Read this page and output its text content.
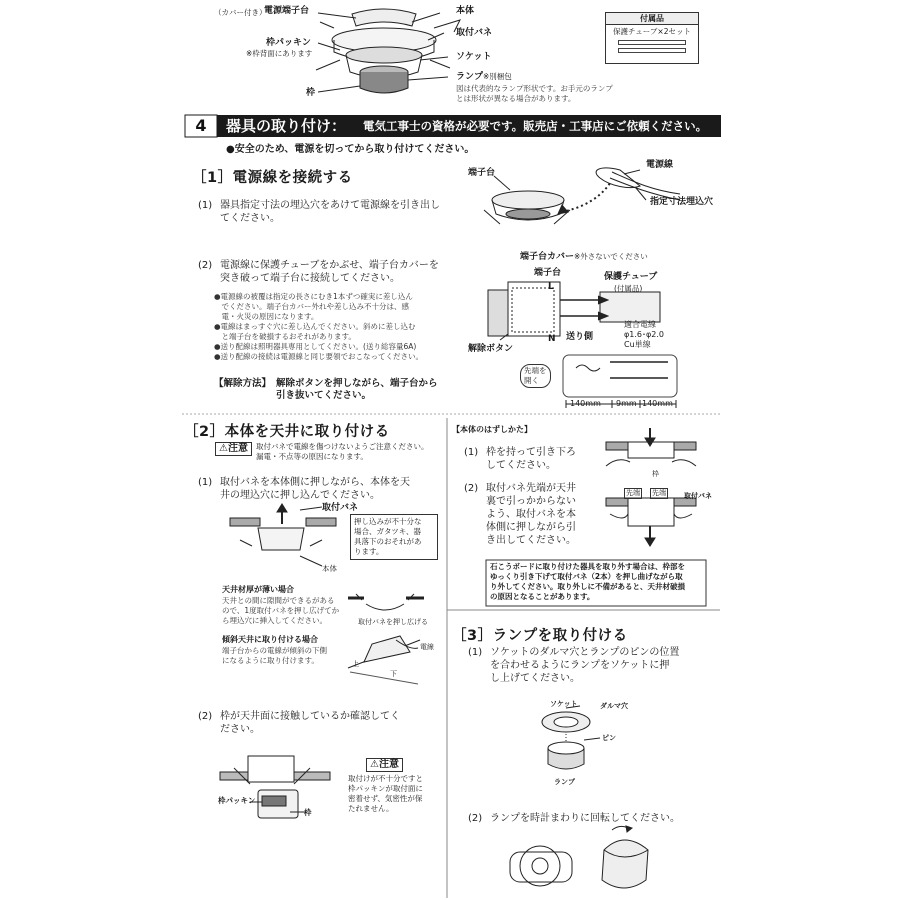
（カバー付き）
電源端子台	本体
取付バネ
枠パッキン
※枠背面にあります	ソケット
ランプ※別梱包
図は代表的なランプ形状です。お手元のランプ
とは形状が異なる場合があります。
枠
付属品
保護チューブ×2セット
4	器具の取り付け： 電気工事士の資格が必要です。販売店・工事店にご依頼ください。
●安全のため、電源を切ってから取り付けてください。
［1］電源線を接続する
(1) 器具指定寸法の埋込穴をあけて電源線を引き出し
てください。
端子台
電源線
指定寸法埋込穴
(2) 電源線に保護チューブをかぶせ、端子台カバーを
突き破って端子台に接続してください。
●電源線の被覆は指定の長さにむき1本ずつ確実に差し込ん
　でください。端子台カバー外れや差し込み不十分は、感
　電・火災の原因になります。
●電線はまっすぐ穴に差し込んでください。斜めに差し込む
　と端子台を破損するおそれがあります。
●送り配線は照明器具専用としてください。(送り総容量6A)
●送り配線の接続は電源線と同じ要領でおこなってください。
【解除方法】 解除ボタンを押しながら、端子台から
引き抜いてください。
端子台カバー※外さないでください
端子台	保護チューブ
(付属品)
L
N 送り側
解除ボタン
適合電線
φ1.6･φ2.0
Cu単線
先端を
開く
140mm 9mm 140mm
［2］本体を天井に取り付ける
⚠注意	取付バネで電線を傷つけないようご注意ください。
漏電・不点等の原因になります。
(1) 取付バネを本体側に押しながら、本体を天
井の埋込穴に押し込んでください。
取付バネ
本体
押し込みが不十分な
場合、ガタツキ、器
具落下のおそれがあ
ります。
天井材厚が薄い場合
天井との間に隙間ができるがある
ので、1度取付バネを押し広げてか
ら埋込穴に挿入してください。	取付バネを押し広げる
傾斜天井に取り付ける場合
端子台からの電線が傾斜の下側
になるように取り付けます。
電線
上
下
(2) 枠が天井面に接触しているか確認してく
ださい。
枠パッキン
枠
⚠注意
取付けが不十分ですと
枠パッキンが取付面に
密着せず、気密性が保
たれません。
【本体のはずしかた】
(1) 枠を持って引き下ろ
してください。
枠
(2) 取付バネ先端が天井
裏で引っかからない
よう、取付バネを本
体側に押しながら引
き出してください。
先端 先端	取付バネ
石こうボードに取り付けた器具を取り外す場合は、枠部を
ゆっくり引き下げて取付バネ（2本）を押し曲げながら取
り外してください。取り外しに不備があると、天井材破損
の原因となることがあります。
［3］ランプを取り付ける
(1) ソケットのダルマ穴とランプのピンの位置
を合わせるようにランプをソケットに押
し上げてください。
ソケット	ダルマ穴
ピン
ランプ
(2) ランプを時計まわりに回転してください。
